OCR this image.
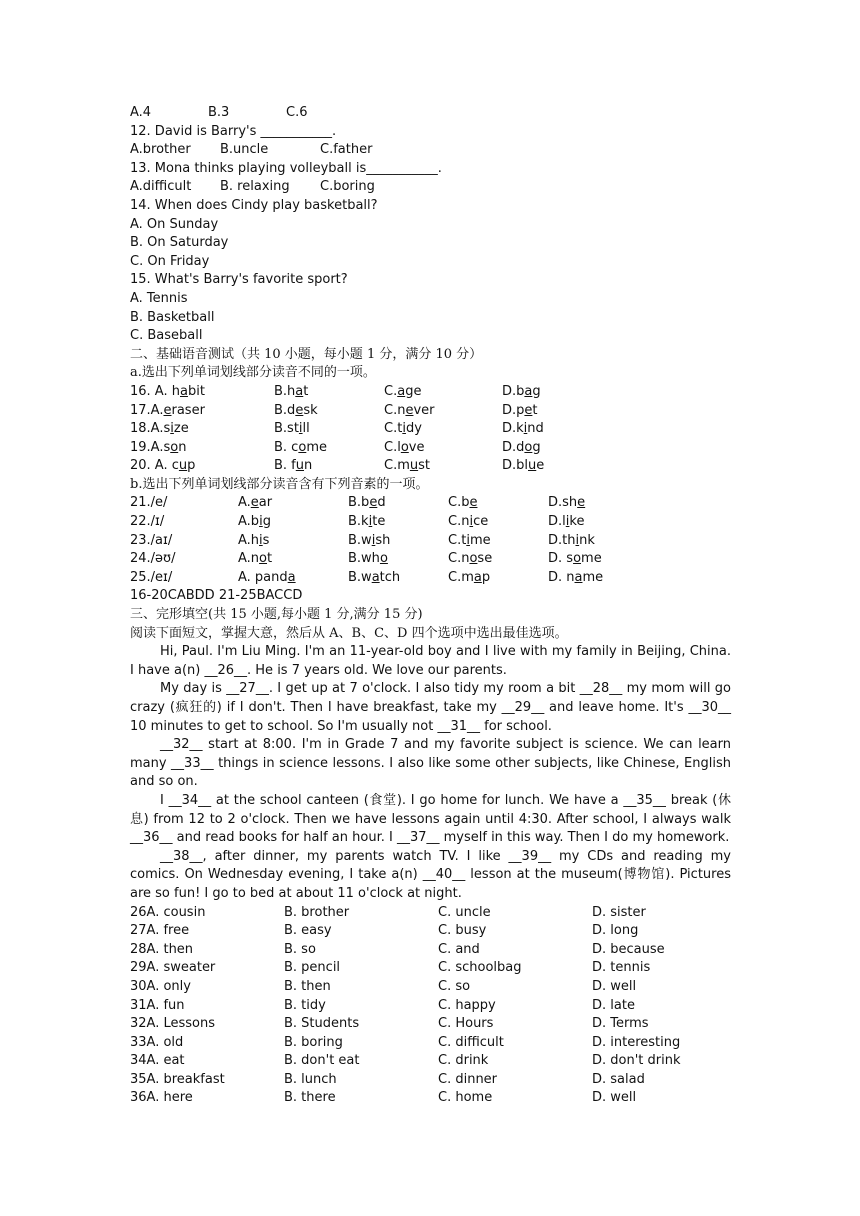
A.4	B.3	C.6
12. David is Barry's ___________.
A.brother	B.uncle	C.father
13. Mona thinks playing volleyball is___________.
A.difficult	B. relaxing	C.boring
14. When does Cindy play basketball?
A. On Sunday
B. On Saturday
C. On Friday
15. What's Barry's favorite sport?
A. Tennis
B. Basketball
C. Baseball
二、基础语音测试（共 10 小题，每小题 1 分，满分 10 分）
a.选出下列单词划线部分读音不同的一项。
16. A. habit	B.hat	C.age	D.bag
17.A.eraser	B.desk	C.never	D.pet
18.A.size	B.still	C.tidy	D.kind
19.A.son	B. come	C.love	D.dog
20. A. cup	B. fun	C.must	D.blue
b.选出下列单词划线部分读音含有下列音素的一项。
21./e/	A.ear	B.bed	C.be	D.she
22./ɪ/	A.big	B.kite	C.nice	D.like
23./aɪ/	A.his	B.wish	C.time	D.think
24./əʊ/	A.not	B.who	C.nose	D. some
25./eɪ/	A. panda	B.watch	C.map	D. name
16-20CABDD 21-25BACCD
三、完形填空(共 15 小题,每小题 1 分,满分 15 分)
阅读下面短文，掌握大意，然后从 A、B、C、D 四个选项中选出最佳选项。
Hi, Paul. I'm Liu Ming. I'm an 11-year-old boy and I live with my family in Beijing, China. I have a(n) __26__. He is 7 years old. We love our parents.
My day is __27__. I get up at 7 o'clock. I also tidy my room a bit __28__ my mom will go crazy (疯狂的) if I don't. Then I have breakfast, take my __29__ and leave home. It's __30__ 10 minutes to get to school. So I'm usually not __31__ for school.
__32__ start at 8:00. I'm in Grade 7 and my favorite subject is science. We can learn many __33__ things in science lessons. I also like some other subjects, like Chinese, English and so on.
I __34__ at the school canteen (食堂). I go home for lunch. We have a __35__ break (休息) from 12 to 2 o'clock. Then we have lessons again until 4:30. After school, I always walk __36__ and read books for half an hour. I __37__ myself in this way. Then I do my homework.
__38__, after dinner, my parents watch TV. I like __39__ my CDs and reading my comics. On Wednesday evening, I take a(n) __40__ lesson at the museum(博物馆). Pictures are so fun! I go to bed at about 11 o'clock at night.
26A. cousin	B. brother	C. uncle	D. sister
27A. free	B. easy	C. busy	D. long
28A. then	B. so	C. and	D. because
29A. sweater	B. pencil	C. schoolbag	D. tennis
30A. only	B. then	C. so	D. well
31A. fun	B. tidy	C. happy	D. late
32A. Lessons	B. Students	C. Hours	D. Terms
33A. old	B. boring	C. difficult	D. interesting
34A. eat	B. don't eat	C. drink	D. don't drink
35A. breakfast	B. lunch	C. dinner	D. salad
36A. here	B. there	C. home	D. well
